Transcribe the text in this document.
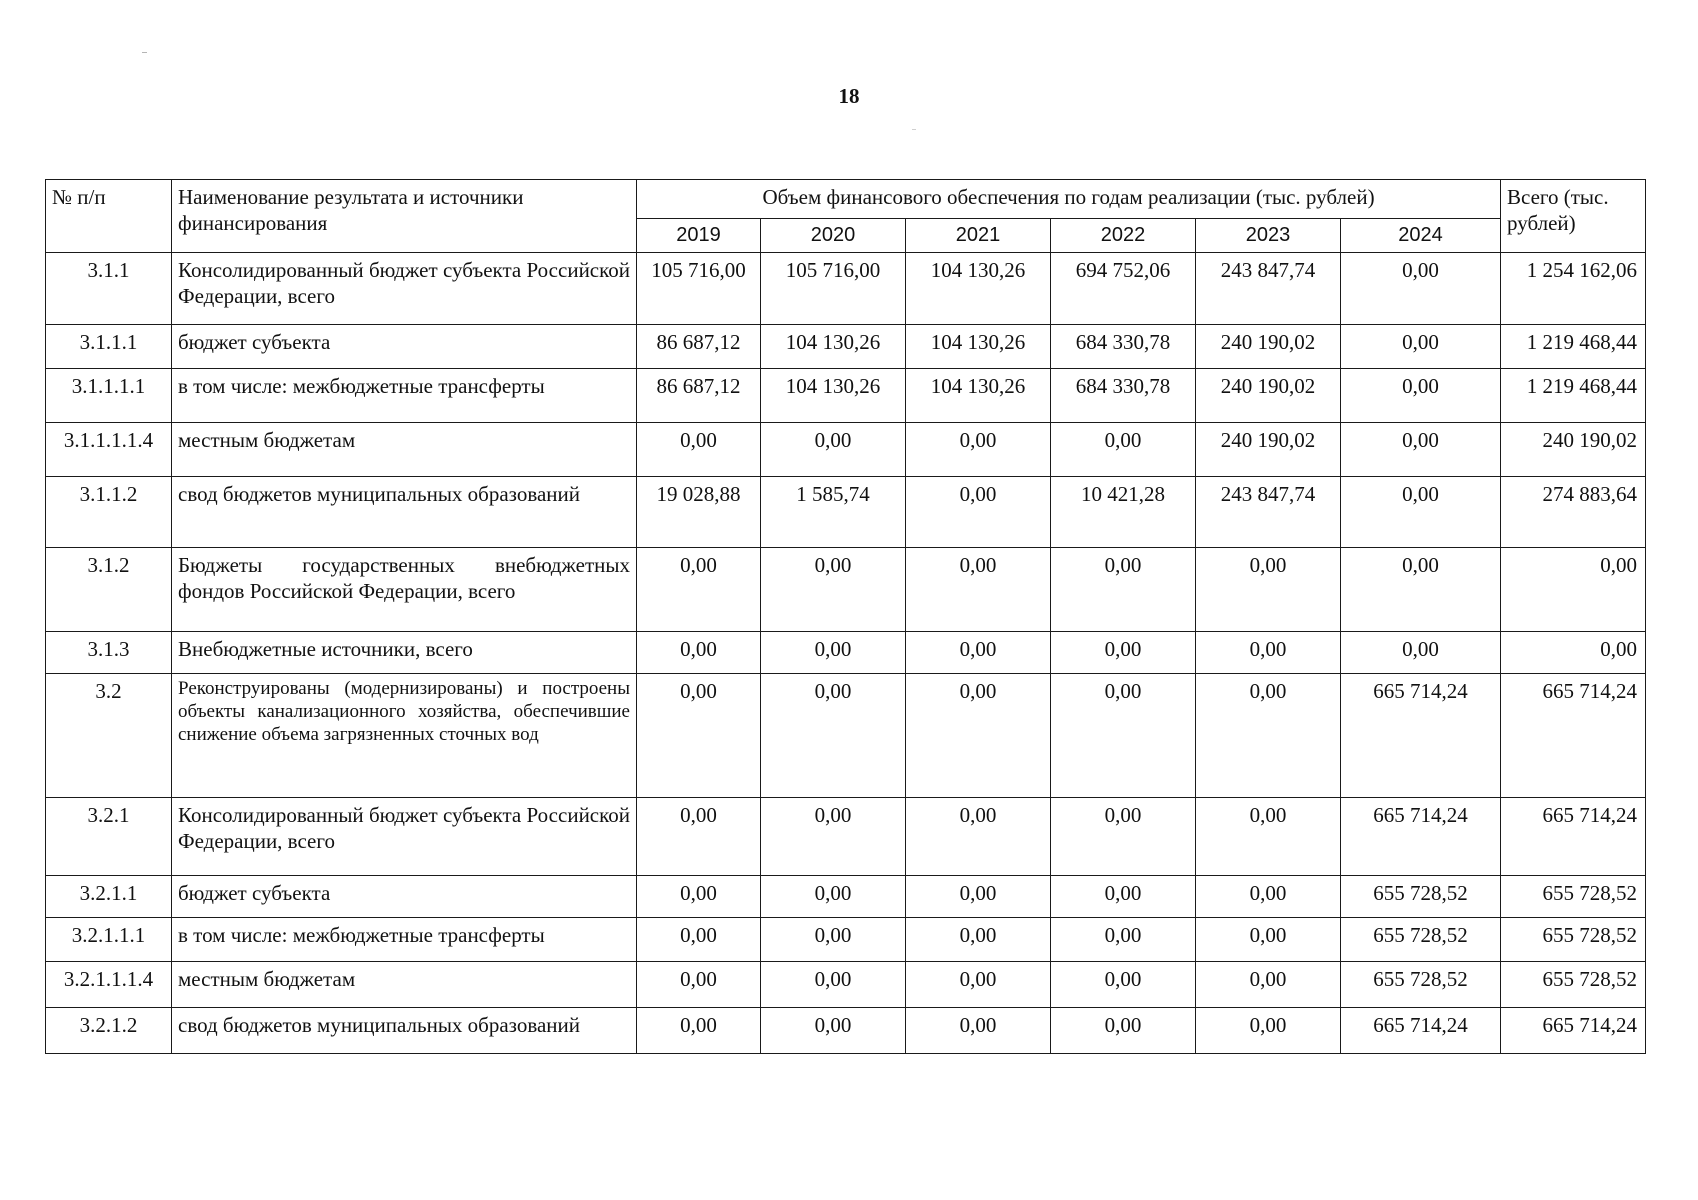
18
№ п/п	Наименование результата и источники финансирования	Объем финансового обеспечения по годам реализации (тыс. рублей)						Всего (тыс. рублей)
		2019	2020	2021	2022	2023	2024	
3.1.1	Консолидированный бюджет субъекта Российской Федерации, всего	105 716,00	105 716,00	104 130,26	694 752,06	243 847,74	0,00	1 254 162,06
3.1.1.1	бюджет субъекта	86 687,12	104 130,26	104 130,26	684 330,78	240 190,02	0,00	1 219 468,44
3.1.1.1.1	в том числе: межбюджетные трансферты	86 687,12	104 130,26	104 130,26	684 330,78	240 190,02	0,00	1 219 468,44
3.1.1.1.1.4	местным бюджетам	0,00	0,00	0,00	0,00	240 190,02	0,00	240 190,02
3.1.1.2	свод бюджетов муниципальных образований	19 028,88	1 585,74	0,00	10 421,28	243 847,74	0,00	274 883,64
3.1.2	Бюджеты государственных внебюджетных фондов Российской Федерации, всего	0,00	0,00	0,00	0,00	0,00	0,00	0,00
3.1.3	Внебюджетные источники, всего	0,00	0,00	0,00	0,00	0,00	0,00	0,00
3.2	Реконструированы (модернизированы) и построены объекты канализационного хозяйства, обеспечившие снижение объема загрязненных сточных вод	0,00	0,00	0,00	0,00	0,00	665 714,24	665 714,24
3.2.1	Консолидированный бюджет субъекта Российской Федерации, всего	0,00	0,00	0,00	0,00	0,00	665 714,24	665 714,24
3.2.1.1	бюджет субъекта	0,00	0,00	0,00	0,00	0,00	655 728,52	655 728,52
3.2.1.1.1	в том числе: межбюджетные трансферты	0,00	0,00	0,00	0,00	0,00	655 728,52	655 728,52
3.2.1.1.1.4	местным бюджетам	0,00	0,00	0,00	0,00	0,00	655 728,52	655 728,52
3.2.1.2	свод бюджетов муниципальных образований	0,00	0,00	0,00	0,00	0,00	665 714,24	665 714,24
